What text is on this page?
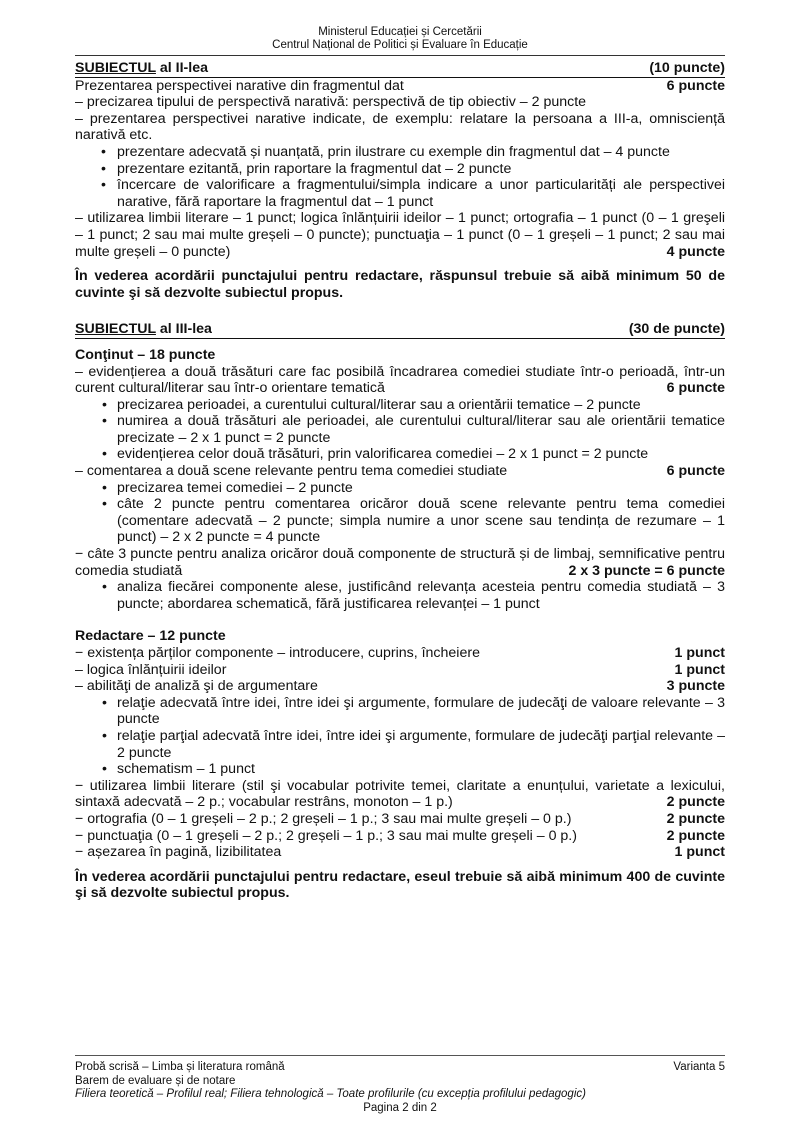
Ministerul Educației și Cercetării
Centrul Național de Politici și Evaluare în Educație
SUBIECTUL al II-lea	(10 puncte)
Prezentarea perspectivei narative din fragmentul dat	6 puncte
– precizarea tipului de perspectivă narativă: perspectivă de tip obiectiv – 2 puncte
– prezentarea perspectivei narative indicate, de exemplu: relatare la persoana a III-a, omnisciență narativă etc.
• prezentare adecvată și nuanțată, prin ilustrare cu exemple din fragmentul dat – 4 puncte
• prezentare ezitantă, prin raportare la fragmentul dat – 2 puncte
• încercare de valorificare a fragmentului/simpla indicare a unor particularități ale perspectivei narative, fără raportare la fragmentul dat – 1 punct
– utilizarea limbii literare – 1 punct; logica înlănțuirii ideilor – 1 punct; ortografia – 1 punct (0 – 1 greşeli – 1 punct; 2 sau mai multe greșeli – 0 puncte); punctuaţia – 1 punct (0 – 1 greșeli – 1 punct; 2 sau mai multe greșeli – 0 puncte)	4 puncte
În vederea acordării punctajului pentru redactare, răspunsul trebuie să aibă minimum 50 de cuvinte şi să dezvolte subiectul propus.
SUBIECTUL al III-lea	(30 de puncte)
Conţinut – 18 puncte
– evidențierea a două trăsături care fac posibilă încadrarea comediei studiate într-o perioadă, într-un curent cultural/literar sau într-o orientare tematică	6 puncte
• precizarea perioadei, a curentului cultural/literar sau a orientării tematice – 2 puncte
• numirea a două trăsături ale perioadei, ale curentului cultural/literar sau ale orientării tematice precizate – 2 x 1 punct = 2 puncte
• evidențierea celor două trăsături, prin valorificarea comediei – 2 x 1 punct = 2 puncte
– comentarea a două scene relevante pentru tema comediei studiate	6 puncte
• precizarea temei comediei – 2 puncte
• câte 2 puncte pentru comentarea oricăror două scene relevante pentru tema comediei (comentare adecvată – 2 puncte; simpla numire a unor scene sau tendința de rezumare – 1 punct) – 2 x 2 puncte = 4 puncte
− câte 3 puncte pentru analiza oricăror două componente de structură și de limbaj, semnificative pentru comedia studiată	2 x 3 puncte = 6 puncte
• analiza fiecărei componente alese, justificând relevanța acesteia pentru comedia studiată – 3 puncte; abordarea schematică, fără justificarea relevanței – 1 punct
Redactare – 12 puncte
− existența părților componente – introducere, cuprins, încheiere	1 punct
– logica înlănțuirii ideilor	1 punct
– abilităţi de analiză şi de argumentare	3 puncte
• relaţie adecvată între idei, între idei şi argumente, formulare de judecăţi de valoare relevante – 3 puncte
• relaţie parţial adecvată între idei, între idei şi argumente, formulare de judecăţi parţial relevante – 2 puncte
• schematism – 1 punct
− utilizarea limbii literare (stil şi vocabular potrivite temei, claritate a enunțului, varietate a lexicului, sintaxă adecvată – 2 p.; vocabular restrâns, monoton – 1 p.)	2 puncte
− ortografia (0 – 1 greșeli – 2 p.; 2 greșeli – 1 p.; 3 sau mai multe greșeli – 0 p.)	2 puncte
− punctuaţia (0 – 1 greșeli – 2 p.; 2 greșeli – 1 p.; 3 sau mai multe greșeli – 0 p.)	2 puncte
− așezarea în pagină, lizibilitatea	1 punct
În vederea acordării punctajului pentru redactare, eseul trebuie să aibă minimum 400 de cuvinte şi să dezvolte subiectul propus.
Probă scrisă – Limba și literatura română	Varianta 5
Barem de evaluare și de notare
Filiera teoretică – Profilul real; Filiera tehnologică – Toate profilurile (cu excepția profilului pedagogic)
Pagina 2 din 2
